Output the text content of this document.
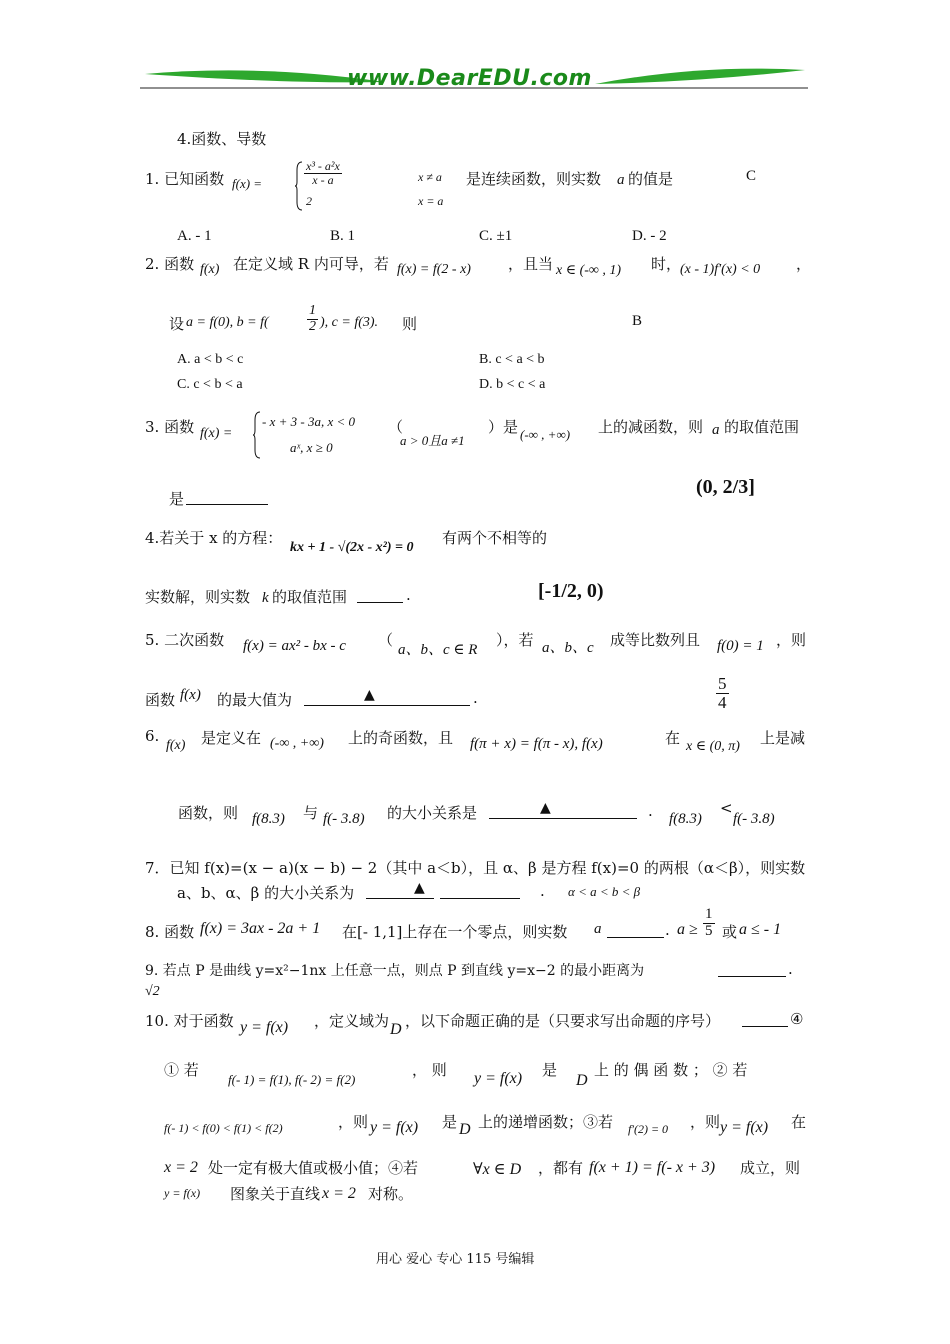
www.DearEDU.com
4.函数、导数
1. 已知函数 f(x) =	$\frac{\text{x³ - a²x}}{x - a}$
2
x ≠ a
x = a
是连续函数，则实数 a 的值是	C
A. - 1	B. 1	C. ±1	D. - 2
2. 函数 f(x) 在定义域 R 内可导，若 f(x) = f(2 - x) ，且当 x ∈ (-∞ , 1) 时，
(x - 1)f′(x) < 0 ，
设 a = f(0), b = f(	$\frac{1}{2}$ ), c = f(3). 则	B
A. a < b < c	B. c < a < b
C. c < b < a	D. b < c < a
3. 函数 f(x) =
- x + 3 - 3a, x < 0
aˣ, x ≥ 0
（
a > 0且a ≠1
）是 (-∞ , +∞) 上的减函数，则 a 的取值范围
是
(0, 2/3]
4.若关于 x 的方程：
kx + 1 - √(2x - x²) = 0
有两个不相等的
实数解，则实数 k 的取值范围	.	[-1/2, 0)
5. 二次函数 f(x) = ax² - bx - c （
a、b、c ∈ R
），若 a、b、c 成等比数列且 f(0) = 1 ，则
函数 f(x) 的最大值为	▲	.	$\frac{5}{4}$
6.
f(x) 是定义在 (-∞ , +∞) 上的奇函数，且 f(π + x) = f(π - x), f(x)	在 x ∈ (0, π) 上是减
函数，则 f(8.3) 与 f(- 3.8) 的大小关系是	▲	. f(8.3)
<
f(- 3.8)
7．已知 f(x)=(x − a)(x − b) − 2（其中 a＜b），且 α、β 是方程 f(x)=0 的两根（α＜β），则实数
a、b、α、β 的大小关系为	▲	. α < a < b < β
8. 函数 f(x) = 3ax - 2a + 1 在[- 1,1]上存在一个零点，则实数 a	. $a \ge \frac{1}{5}$ 或 a ≤ - 1
9. 若点 P 是曲线 y=x²−1nx 上任意一点，则点 P 到直线 y=x−2 的最小距离为	.
√2
10. 对于函数 y = f(x) ，定义域为 D ，以下命题正确的是（只要求写出命题的序号）	④
① 若
f(- 1) = f(1), f(- 2) = f(2)
， 则 y = f(x) 是
D
上 的 偶 函 数 ； ② 若
f(- 1) < f(0) < f(1) < f(2)	，则 y = f(x) 是 D 上的递增函数；③若 f′(2) = 0 ，则 y = f(x) 在
x = 2 处一定有极大值或极小值；④若	∀x ∈ D ，都有 f(x + 1) = f(- x + 3) 成立，则
y = f(x) 图象关于直线 x = 2 对称。
用心 爱心 专心 115 号编辑
